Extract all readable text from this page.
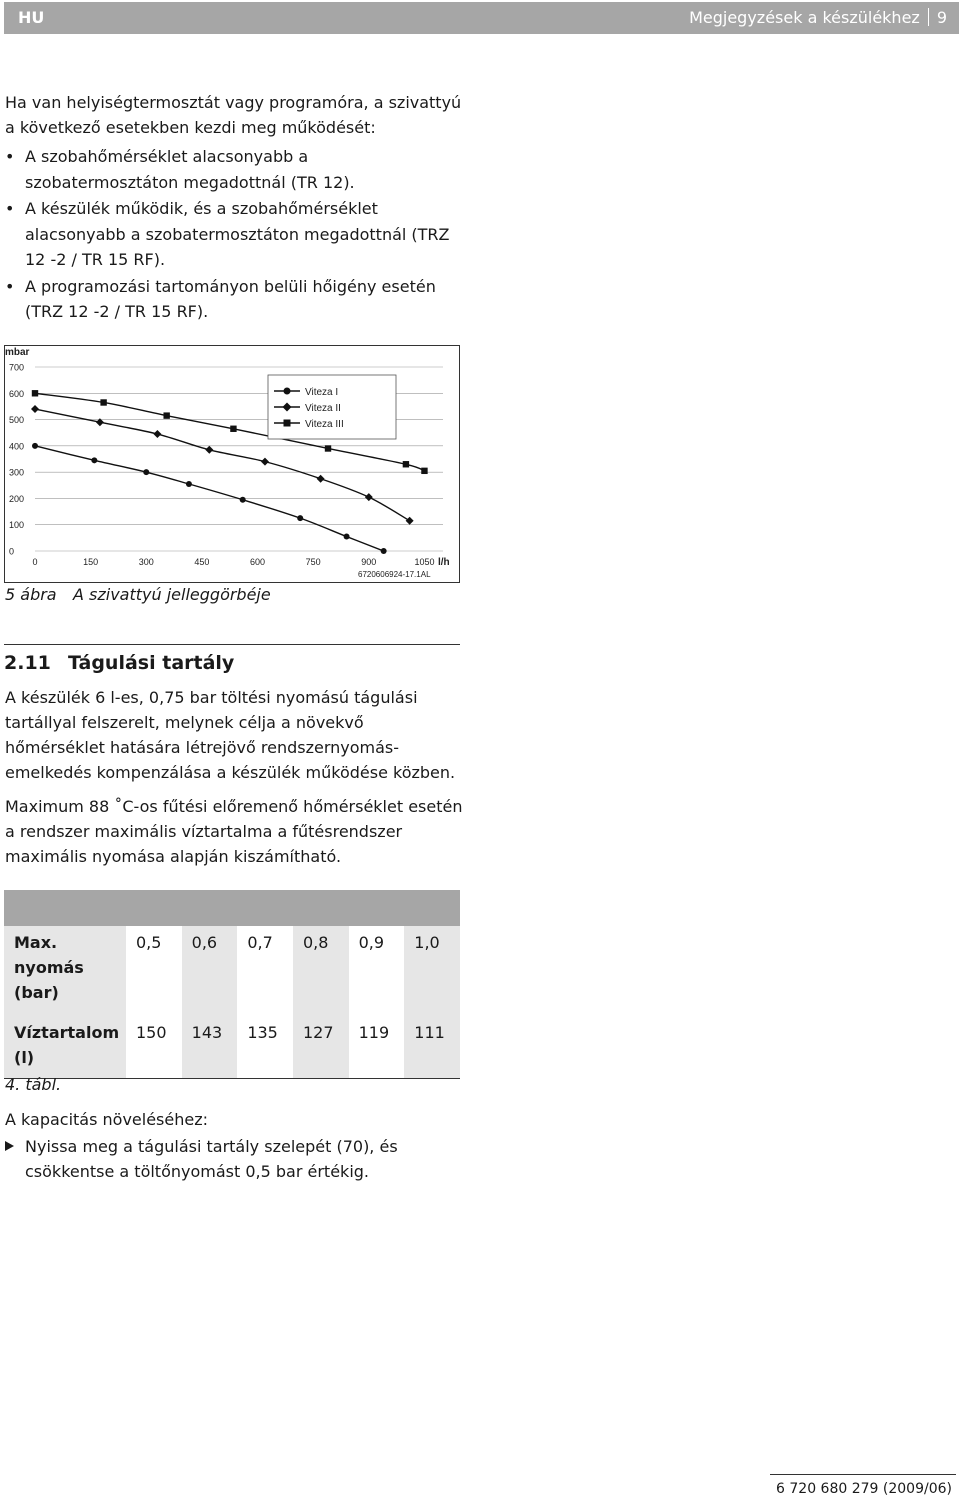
HU	Megjegyzések a készülékhez 9

Ha van helyiségtermosztát vagy programóra, a szivattyú a következő esetekben kezdi meg működését:

• A szobahőmérséklet alacsonyabb a szobatermosztáton megadottnál (TR 12).
• A készülék működik, és a szobahőmérséklet alacsonyabb a szobatermosztáton megadottnál (TRZ 12 -2 / TR 15 RF).
• A programozási tartományon belüli hőigény esetén (TRZ 12 -2 / TR 15 RF).
0
100
200
300
400
500
600
700
0	150	300	450	600	750	900	1050
Viteza I
Viteza II
Viteza III
mbar
l/h
6720606924-17.1AL
5 ábra A szivattyú jelleggörbéje
2.11 Tágulási tartály

A készülék 6 l-es, 0,75 bar töltési nyomású tágulási tartállyal felszerelt, melynek célja a növekvő hőmérséklet hatására létrejövő rendszernyomás-emelkedés kompenzálása a készülék működése közben.

Maximum 88 ˚C-os fűtési előremenő hőmérséklet esetén a rendszer maximális víztartalma a fűtésrendszer maximális nyomása alapján kiszámítható.

Max. nyomás (bar)	0,5	0,6	0,7	0,8	0,9	1,0
Víztartalom (l)	150	143	135	127	119	111
4. tábl.

A kapacitás növeléséhez:

Nyissa meg a tágulási tartály szelepét (70), és csökkentse a töltőnyomást 0,5 bar értékig.
6 720 680 279 (2009/06)
